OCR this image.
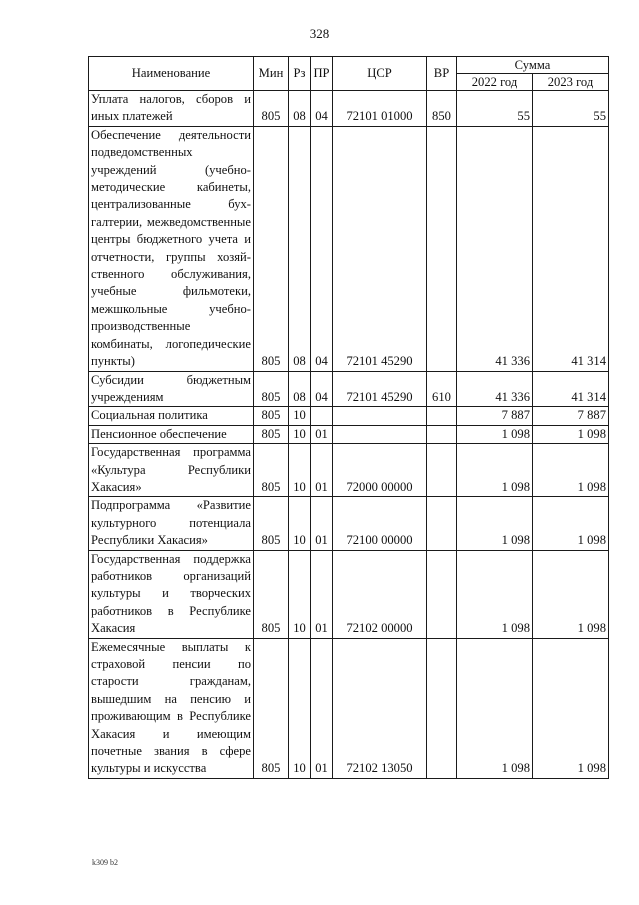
328
Наименование	Мин	Рз	ПР	ЦСР	ВР	Сумма	
						2022 год	2023 год
Уплата налогов, сборов и иных платежей	805	08	04	72101 01000	850	55	55
Обеспечение деятельности подведомственных учреждений (учебно-методические кабинеты, централизованные бухгалтерии, межведомственные центры бюджетного учета и отчетности, группы хозяйственного обслуживания, учебные фильмотеки, межшкольные учебно-производственные комбинаты, логопедические пункты)	805	08	04	72101 45290		41 336	41 314
Субсидии бюджетным учреждениям	805	08	04	72101 45290	610	41 336	41 314
Социальная политика	805	10				7 887	7 887
Пенсионное обеспечение	805	10	01			1 098	1 098
Государственная программа «Культура Республики Хакасия»	805	10	01	72000 00000		1 098	1 098
Подпрограмма «Развитие культурного потенциала Республики Хакасия»	805	10	01	72100 00000		1 098	1 098
Государственная поддержка работников организаций культуры и творческих работников в Республике Хакасия	805	10	01	72102 00000		1 098	1 098
Ежемесячные выплаты к страховой пенсии по старости гражданам, вышедшим на пенсию и проживающим в Республике Хакасия и имеющим почетные звания в сфере культуры и искусства	805	10	01	72102 13050		1 098	1 098
k309 b2
